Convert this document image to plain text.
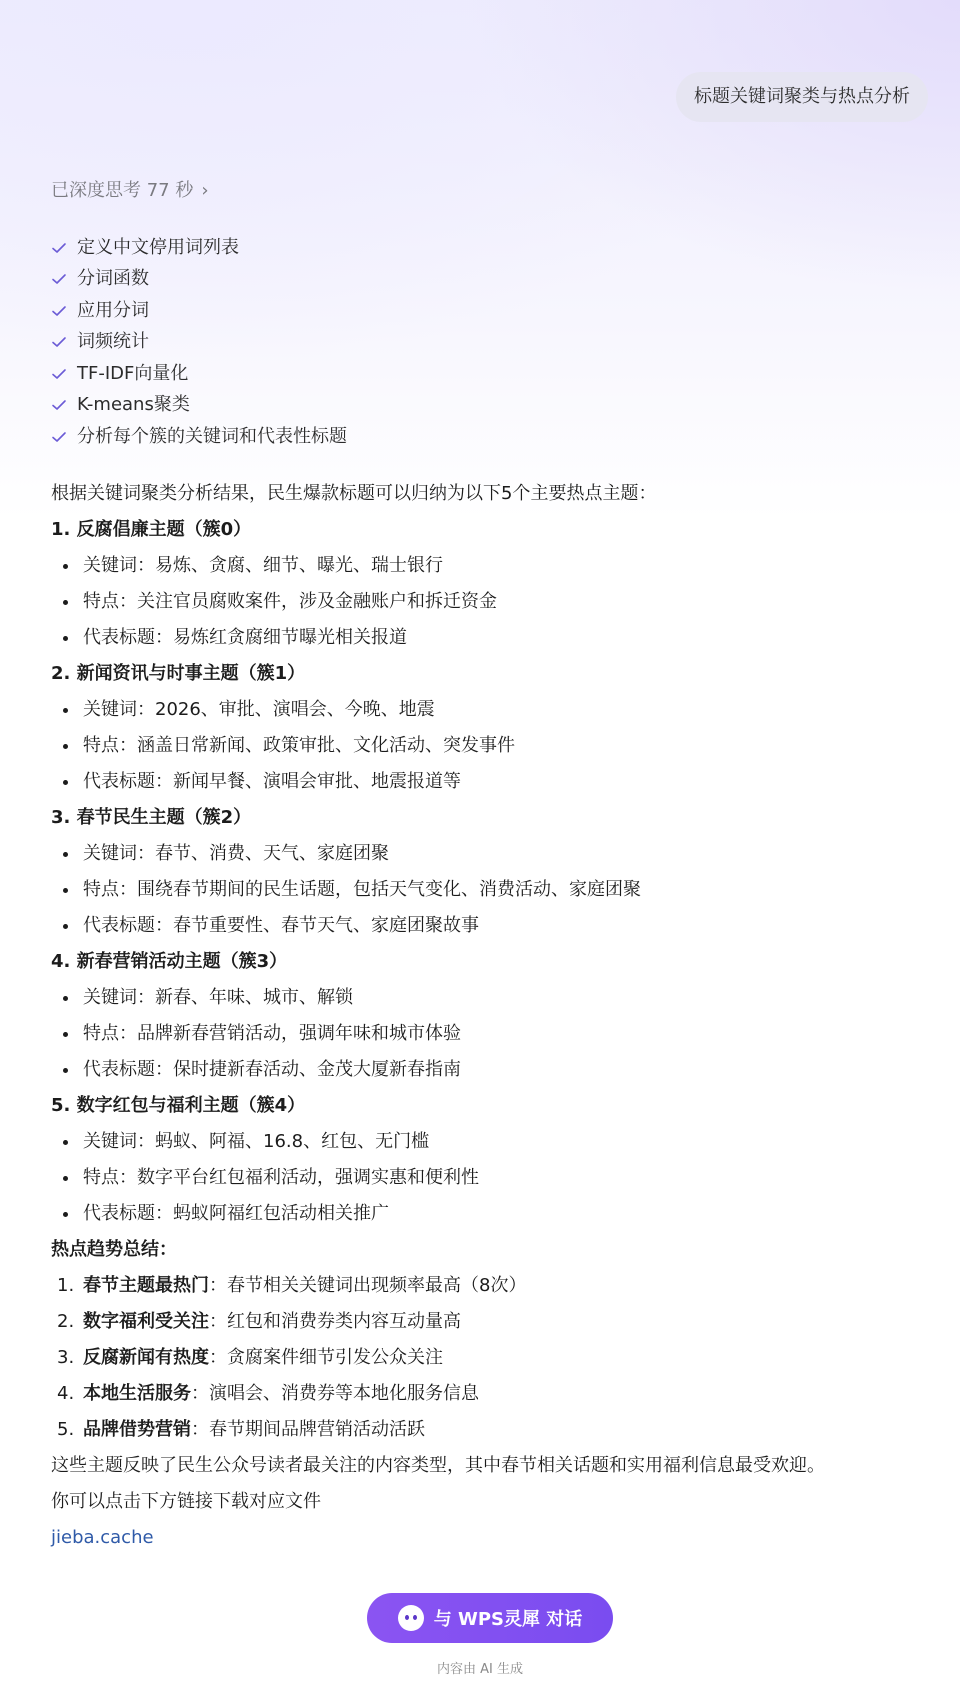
标题关键词聚类与热点分析
已深度思考 77 秒 ›
定义中文停用词列表
分词函数
应用分词
词频统计
TF-IDF向量化
K-means聚类
分析每个簇的关键词和代表性标题
根据关键词聚类分析结果，民生爆款标题可以归纳为以下5个主要热点主题：
1. 反腐倡廉主题（簇0）
关键词：易炼、贪腐、细节、曝光、瑞士银行
特点：关注官员腐败案件，涉及金融账户和拆迁资金
代表标题：易炼红贪腐细节曝光相关报道
2. 新闻资讯与时事主题（簇1）
关键词：2026、审批、演唱会、今晚、地震
特点：涵盖日常新闻、政策审批、文化活动、突发事件
代表标题：新闻早餐、演唱会审批、地震报道等
3. 春节民生主题（簇2）
关键词：春节、消费、天气、家庭团聚
特点：围绕春节期间的民生话题，包括天气变化、消费活动、家庭团聚
代表标题：春节重要性、春节天气、家庭团聚故事
4. 新春营销活动主题（簇3）
关键词：新春、年味、城市、解锁
特点：品牌新春营销活动，强调年味和城市体验
代表标题：保时捷新春活动、金茂大厦新春指南
5. 数字红包与福利主题（簇4）
关键词：蚂蚁、阿福、16.8、红包、无门槛
特点：数字平台红包福利活动，强调实惠和便利性
代表标题：蚂蚁阿福红包活动相关推广
热点趋势总结：
1. 春节主题最热门：春节相关关键词出现频率最高（8次）
2. 数字福利受关注：红包和消费券类内容互动量高
3. 反腐新闻有热度：贪腐案件细节引发公众关注
4. 本地生活服务：演唱会、消费券等本地化服务信息
5. 品牌借势营销：春节期间品牌营销活动活跃
这些主题反映了民生公众号读者最关注的内容类型，其中春节相关话题和实用福利信息最受欢迎。
你可以点击下方链接下载对应文件
jieba.cache
与 WPS灵犀 对话
内容由 AI 生成
